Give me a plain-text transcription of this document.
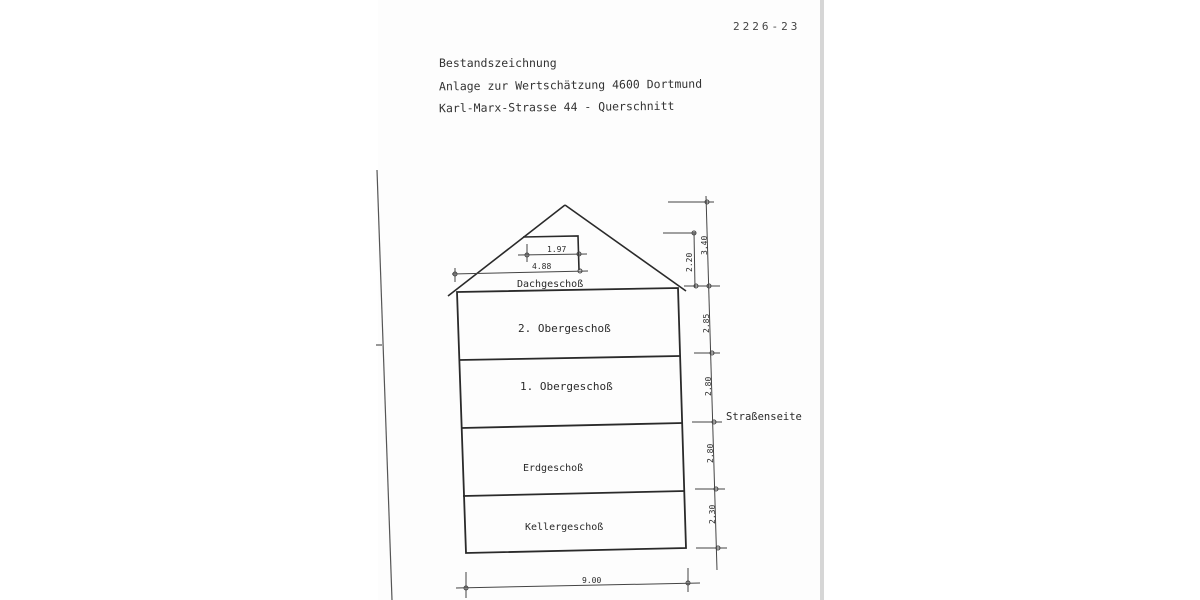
2226-23
Bestandszeichnung
Anlage zur Wertschätzung 4600 Dortmund
Karl-Marx-Strasse 44 - Querschnitt
1.97
4.88
Dachgeschoß
2. Obergeschoß
1. Obergeschoß
Erdgeschoß
Kellergeschoß
2.20
3.40
2.85
2.80
2.80
2.30
Straßenseite
9.00
